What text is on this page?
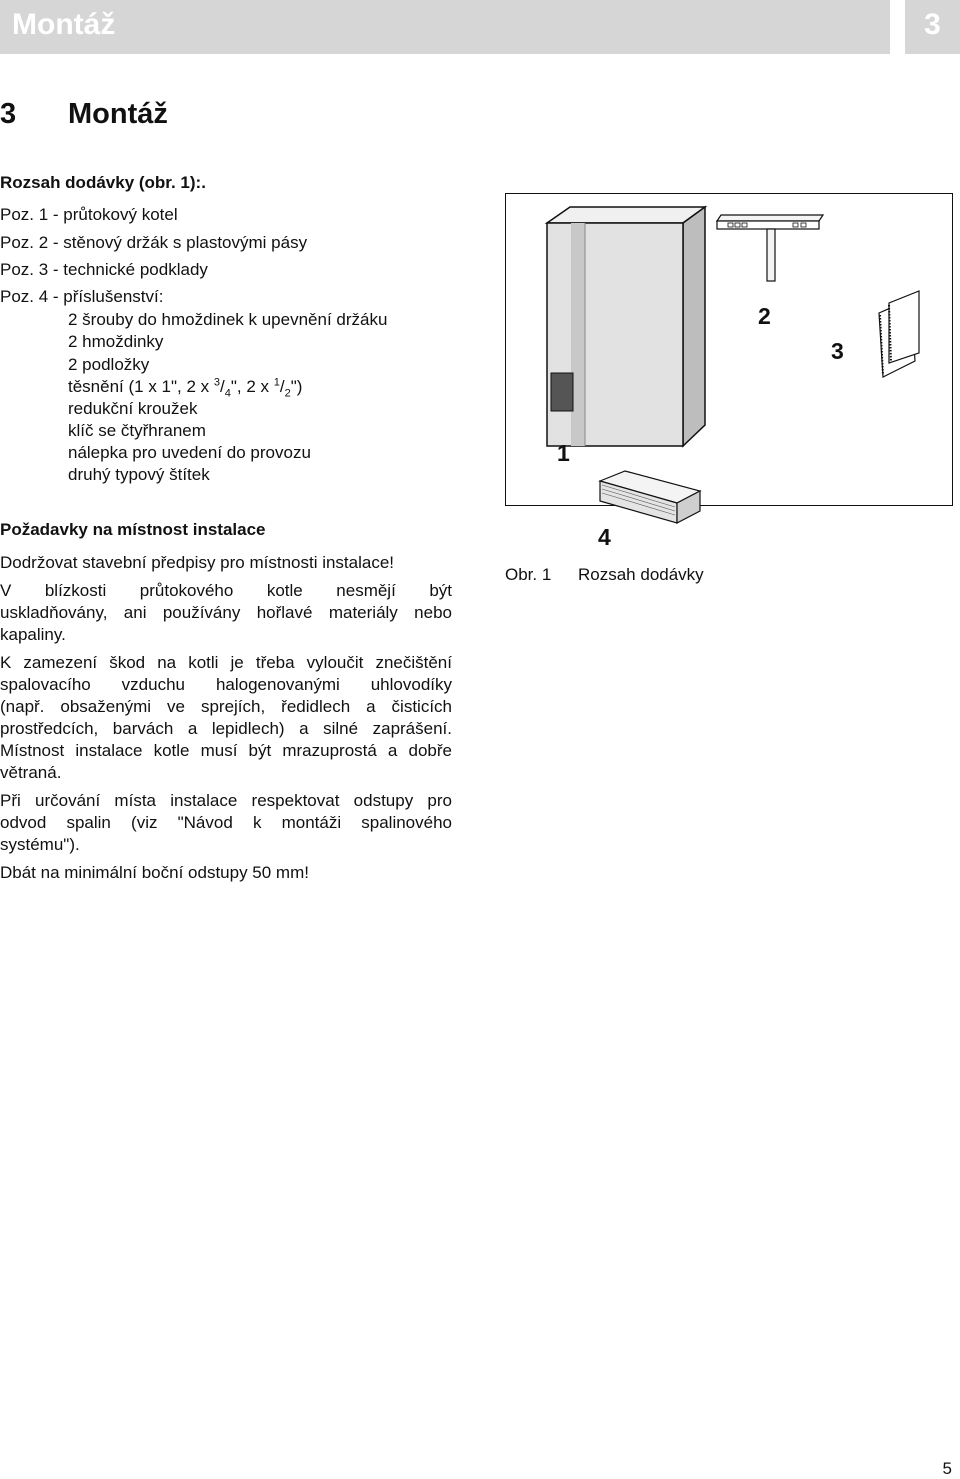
Montáž	3
3 Montáž
Rozsah dodávky (obr. 1):.
Poz. 1 - průtokový kotel
Poz. 2 - stěnový držák s plastovými pásy
Poz. 3 - technické podklady
Poz. 4 - příslušenství:
2 šrouby do hmoždinek k upevnění držáku
2 hmoždinky
2 podložky
těsnění (1 x 1", 2 x $^3/_4$", 2 x $^1/_2$")
redukční kroužek
klíč se čtyřhranem
nálepka pro uvedení do provozu
druhý typový štítek
Požadavky na místnost instalace
Dodržovat stavební předpisy pro místnosti instalace!
V blízkosti průtokového kotle nesmějí být
uskladňovány, ani používány hořlavé materiály nebo
kapaliny.
K zamezení škod na kotli je třeba vyloučit znečištění
spalovacího vzduchu halogenovanými uhlovodíky
(např. obsaženými ve sprejích, ředidlech a čisticích
prostředcích, barvách a lepidlech) a silné zaprášení.
Místnost instalace kotle musí být mrazuprostá a dobře
větraná.
Při určování místa instalace respektovat odstupy pro
odvod spalin (viz "Návod k montáži spalinového
systému").
Dbát na minimální boční odstupy 50 mm!
1
2
3
4
Obr. 1 Rozsah dodávky
5
